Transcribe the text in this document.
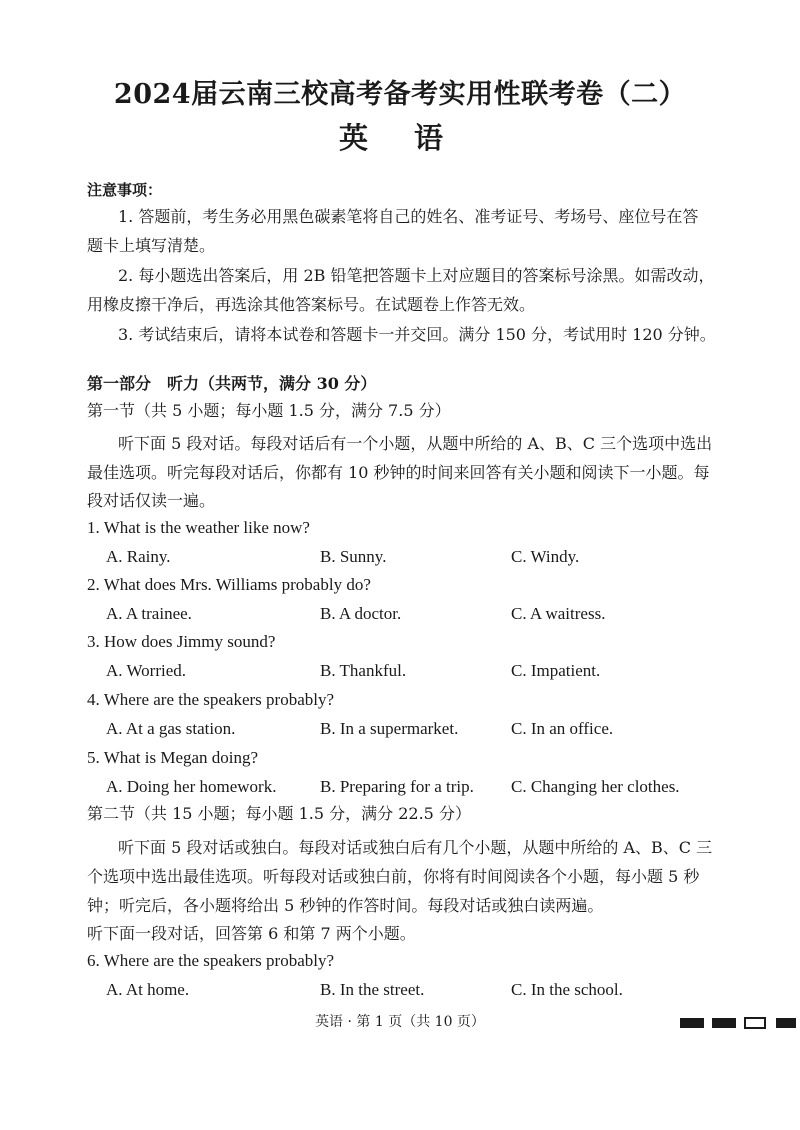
2024届云南三校高考备考实用性联考卷（二）
英 语
注意事项：
1. 答题前，考生务必用黑色碳素笔将自己的姓名、准考证号、考场号、座位号在答
题卡上填写清楚。
2. 每小题选出答案后，用 2B 铅笔把答题卡上对应题目的答案标号涂黑。如需改动，
用橡皮擦干净后，再选涂其他答案标号。在试题卷上作答无效。
3. 考试结束后，请将本试卷和答题卡一并交回。满分 150 分，考试用时 120 分钟。
第一部分　听力（共两节，满分 30 分）
第一节（共 5 小题；每小题 1.5 分，满分 7.5 分）
听下面 5 段对话。每段对话后有一个小题，从题中所给的 A、B、C 三个选项中选出
最佳选项。听完每段对话后，你都有 10 秒钟的时间来回答有关小题和阅读下一小题。每
段对话仅读一遍。
1. What is the weather like now?
A. Rainy.	B. Sunny.	C. Windy.
2. What does Mrs. Williams probably do?
A. A trainee.	B. A doctor.	C. A waitress.
3. How does Jimmy sound?
A. Worried.	B. Thankful.	C. Impatient.
4. Where are the speakers probably?
A. At a gas station.	B. In a supermarket.	C. In an office.
5. What is Megan doing?
A. Doing her homework.	B. Preparing for a trip. C. Changing her clothes.
第二节（共 15 小题；每小题 1.5 分，满分 22.5 分）
听下面 5 段对话或独白。每段对话或独白后有几个小题，从题中所给的 A、B、C 三
个选项中选出最佳选项。听每段对话或独白前，你将有时间阅读各个小题，每小题 5 秒
钟；听完后，各小题将给出 5 秒钟的作答时间。每段对话或独白读两遍。
听下面一段对话，回答第 6 和第 7 两个小题。
6. Where are the speakers probably?
A. At home.	B. In the street.	C. In the school.
英语 · 第 1 页（共 10 页）
